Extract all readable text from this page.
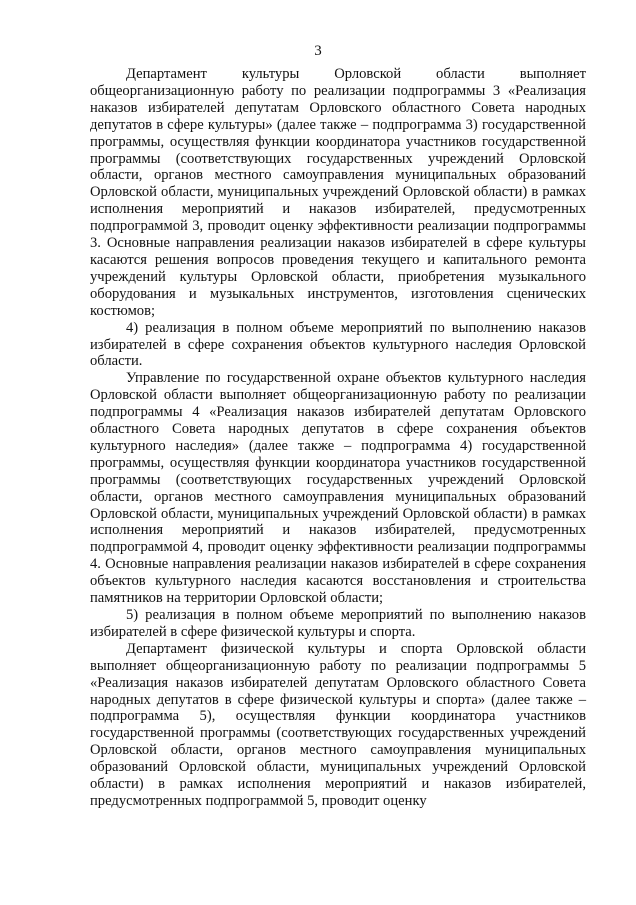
3

Департамент культуры Орловской области выполняет общеорганизационную работу по реализации подпрограммы 3 «Реализация наказов избирателей депутатам Орловского областного Совета народных депутатов в сфере культуры» (далее также – подпрограмма 3) государственной программы, осуществляя функции координатора участников государственной программы (соответствующих государственных учреждений Орловской области, органов местного самоуправления муниципальных образований Орловской области, муниципальных учреждений Орловской области) в рамках исполнения мероприятий и наказов избирателей, предусмотренных подпрограммой 3, проводит оценку эффективности реализации подпрограммы 3. Основные направления реализации наказов избирателей в сфере культуры касаются решения вопросов проведения текущего и капитального ремонта учреждений культуры Орловской области, приобретения музыкального оборудования и музыкальных инструментов, изготовления сценических костюмов;

4) реализация в полном объеме мероприятий по выполнению наказов избирателей в сфере сохранения объектов культурного наследия Орловской области.

Управление по государственной охране объектов культурного наследия Орловской области выполняет общеорганизационную работу по реализации подпрограммы 4 «Реализация наказов избирателей депутатам Орловского областного Совета народных депутатов в сфере сохранения объектов культурного наследия» (далее также – подпрограмма 4) государственной программы, осуществляя функции координатора участников государственной программы (соответствующих государственных учреждений Орловской области, органов местного самоуправления муниципальных образований Орловской области, муниципальных учреждений Орловской области) в рамках исполнения мероприятий и наказов избирателей, предусмотренных подпрограммой 4, проводит оценку эффективности реализации подпрограммы 4. Основные направления реализации наказов избирателей в сфере сохранения объектов культурного наследия касаются восстановления и строительства памятников на территории Орловской области;

5) реализация в полном объеме мероприятий по выполнению наказов избирателей в сфере физической культуры и спорта.

Департамент физической культуры и спорта Орловской области выполняет общеорганизационную работу по реализации подпрограммы 5 «Реализация наказов избирателей депутатам Орловского областного Совета народных депутатов в сфере физической культуры и спорта» (далее также – подпрограмма 5), осуществляя функции координатора участников государственной программы (соответствующих государственных учреждений Орловской области, органов местного самоуправления муниципальных образований Орловской области, муниципальных учреждений Орловской области) в рамках исполнения мероприятий и наказов избирателей, предусмотренных подпрограммой 5, проводит оценку
